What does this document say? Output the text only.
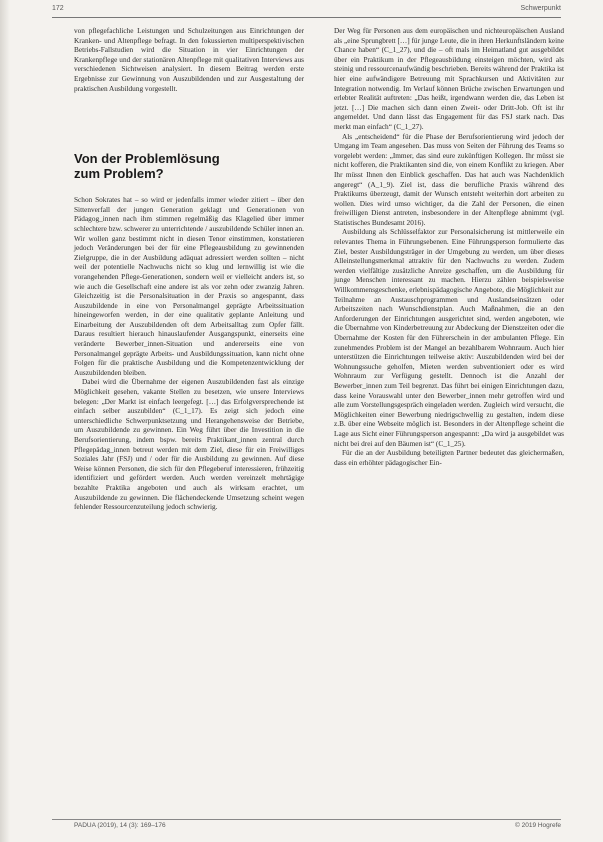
172	Schwerpunkt

von pflegefachliche Leistungen und Schulzeitungen aus Einrichtungen der Kranken- und Altenpflege befragt. In den fokussierten multiperspektivischen Betriebs-Fallstudien wird die Situation in vier Einrichtungen der Krankenpflege und der stationären Altenpflege mit qualitativen Interviews aus verschiedenen Sichtweisen analysiert. In diesem Beitrag werden erste Ergebnisse zur Gewinnung von Auszubildenden und zur Ausgestaltung der praktischen Ausbildung vorgestellt.

Von der Problemlösung
zum Problem?

Schon Sokrates hat – so wird er jedenfalls immer wieder zitiert – über den Sittenverfall der jungen Generation geklagt und Generationen von Pädagog_innen nach ihm stimmen regelmäßig das Klagelied über immer schlechtere bzw. schwerer zu unterrichtende / auszubildende Schüler innen an. Wir wollen ganz bestimmt nicht in diesen Tenor einstimmen, konstatieren jedoch Veränderungen bei der für eine Pflegeausbildung zu gewinnenden Zielgruppe, die in der Ausbildung adäquat adressiert werden sollten – nicht weil der potentielle Nachwuchs nicht so klug und lernwillig ist wie die vorangehenden Pflege-Generationen, sondern weil er vielleicht anders ist, so wie auch die Gesellschaft eine andere ist als vor zehn oder zwanzig Jahren. Gleichzeitig ist die Personalsituation in der Praxis so angespannt, dass Auszubildende in eine von Personalmangel geprägte Arbeitssituation hineingeworfen werden, in der eine qualitativ geplante Anleitung und Einarbeitung der Auszubildenden oft dem Arbeitsalltag zum Opfer fällt. Daraus resultiert hierauch hinauslaufender Ausgangspunkt, einerseits eine veränderte Bewerber_innen-Situation und andererseits eine von Personalmangel geprägte Arbeits- und Ausbildungssituation, kann nicht ohne Folgen für die praktische Ausbildung und die Kompetenzentwicklung der Auszubildenden bleiben.

Dabei wird die Übernahme der eigenen Auszubildenden fast als einzige Möglichkeit gesehen, vakante Stellen zu besetzen, wie unsere Interviews belegen: „Der Markt ist einfach leergefegt. […] das Erfolgversprechende ist einfach selber auszubilden“ (C_1_17). Es zeigt sich jedoch eine unterschiedliche Schwerpunktsetzung und Herangehensweise der Betriebe, um Auszubildende zu gewinnen. Ein Weg führt über die Investition in die Berufsorientierung, indem bspw. bereits Praktikant_innen zentral durch Pflegepädag_innen betreut werden mit dem Ziel, diese für ein Freiwilliges Soziales Jahr (FSJ) und / oder für die Ausbildung zu gewinnen. Auf diese Weise können Personen, die sich für den Pflegeberuf interessieren, frühzeitig identifiziert und gefördert werden. Auch werden vereinzelt mehrtägige bezahlte Praktika angeboten und auch als wirksam erachtet, um Auszubildende zu gewinnen. Die flächendeckende Umsetzung scheint wegen fehlender Ressourcenzuteilung jedoch schwierig.

Der Weg für Personen aus dem europäischen und nichteuropäischen Ausland als „eine Sprungbrett […] für junge Leute, die in ihren Herkunftsländern keine Chance haben“ (C_1_27), und die – oft mals im Heimatland gut ausgebildet über ein Praktikum in der Pflegeausbildung einsteigen möchten, wird als steinig und ressourcenaufwändig beschrieben. Bereits während der Praktika ist hier eine aufwändigere Betreuung mit Sprachkursen und Aktivitäten zur Integration notwendig. Im Verlauf können Brüche zwischen Erwartungen und erlebter Realität auftreten: „Das heißt, irgendwann werden die, das Leben ist jetzt. […] Die machen sich dann einen Zweit- oder Dritt-Job. Oft ist ihr angemeldet. Und dann lässt das Engagement für das FSJ stark nach. Das merkt man einfach“ (C_1_27).

Als „entscheidend“ für die Phase der Berufsorientierung wird jedoch der Umgang im Team angesehen. Das muss von Seiten der Führung des Teams so vorgelebt werden: „Immer, das sind eure zukünftigen Kollegen. Ihr müsst sie nicht kofferen, die Praktikanten sind die, von einem Konflikt zu kriegen. Aber Ihr müsst Ihnen den Einblick geschaffen. Das hat auch was Nachdenklich angeregt“ (A_1_9). Ziel ist, dass die berufliche Praxis während des Praktikums überzeugt, damit der Wunsch entsteht weiterhin dort arbeiten zu wollen. Dies wird umso wichtiger, da die Zahl der Personen, die einen freiwilligen Dienst antreten, insbesondere in der Altenpflege abnimmt (vgl. Statistisches Bundesamt 2016).

Ausbildung als Schlüsselfaktor zur Personalsicherung ist mittlerweile ein relevantes Thema in Führungsebenen. Eine Führungsperson formulierte das Ziel, bester Ausbildungsträger in der Umgebung zu werden, um über dieses Alleinstellungsmerkmal attraktiv für den Nachwuchs zu werden. Zudem werden vielfältige zusätzliche Anreize geschaffen, um die Ausbildung für junge Menschen interessant zu machen. Hierzu zählen beispielsweise Willkommensgeschenke, erlebnispädagogische Angebote, die Möglichkeit zur Teilnahme an Austauschprogrammen und Auslandseinsätzen oder Arbeitszeiten nach Wunschdienstplan. Auch Maßnahmen, die an den Anforderungen der Einrichtungen ausgerichtet sind, werden angeboten, wie die Übernahme von Kinderbetreuung zur Abdeckung der Dienstzeiten oder die Übernahme der Kosten für den Führerschein in der ambulanten Pflege. Ein zunehmendes Problem ist der Mangel an bezahlbarem Wohnraum. Auch hier unterstützen die Einrichtungen teilweise aktiv: Auszubildenden wird bei der Wohnungssuche geholfen, Mieten werden subventioniert oder es wird Wohnraum zur Verfügung gestellt. Dennoch ist die Anzahl der Bewerber_innen zum Teil begrenzt. Das führt bei einigen Einrichtungen dazu, dass keine Vorauswahl unter den Bewerber_innen mehr getroffen wird und alle zum Vorstellungsgespräch eingeladen werden. Zugleich wird versucht, die Möglichkeiten einer Bewerbung niedrigschwellig zu gestalten, indem diese z.B. über eine Webseite möglich ist. Besonders in der Altenpflege scheint die Lage aus Sicht einer Führungsperson angespannt: „Da wird ja ausgebildet was nicht bei drei auf den Bäumen ist“ (C_1_25).

Für die an der Ausbildung beteiligten Partner bedeutet das gleichermaßen, dass ein erhöhter pädagogischer Ein-

PADUA (2019), 14 (3): 169–176	© 2019 Hogrefe
